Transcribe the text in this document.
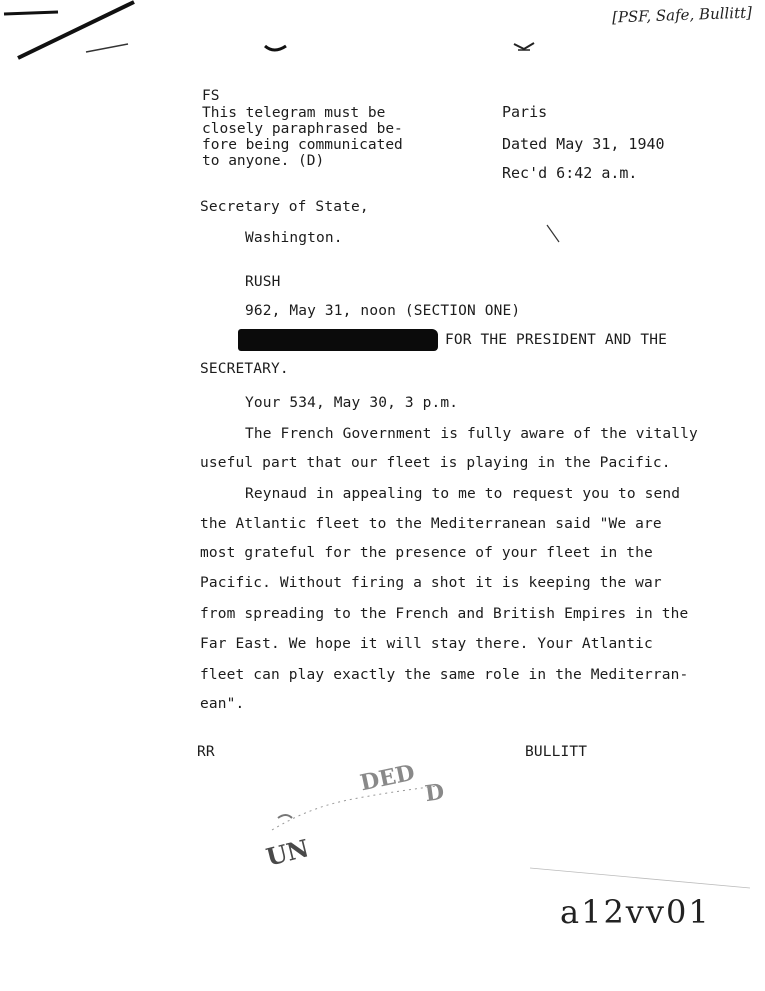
[PSF, Safe, Bullitt]
FS
This telegram must be
closely paraphrased be-
fore being communicated
to anyone. (D)
Paris
Dated May 31, 1940
Rec'd 6:42 a.m.
Secretary of State,
Washington.
RUSH
962, May 31, noon (SECTION ONE)
FOR THE PRESIDENT AND THE
SECRETARY.
Your 534, May 30, 3 p.m.
The French Government is fully aware of the vitally
useful part that our fleet is playing in the Pacific.
Reynaud in appealing to me to request you to send
the Atlantic fleet to the Mediterranean said "We are
most grateful for the presence of your fleet in the
Pacific. Without firing a shot it is keeping the war
from spreading to the French and British Empires in the
Far East. We hope it will stay there. Your Atlantic
fleet can play exactly the same role in the Mediterran-
ean".
RR	BULLITT
DED D
UN
a12vv01
